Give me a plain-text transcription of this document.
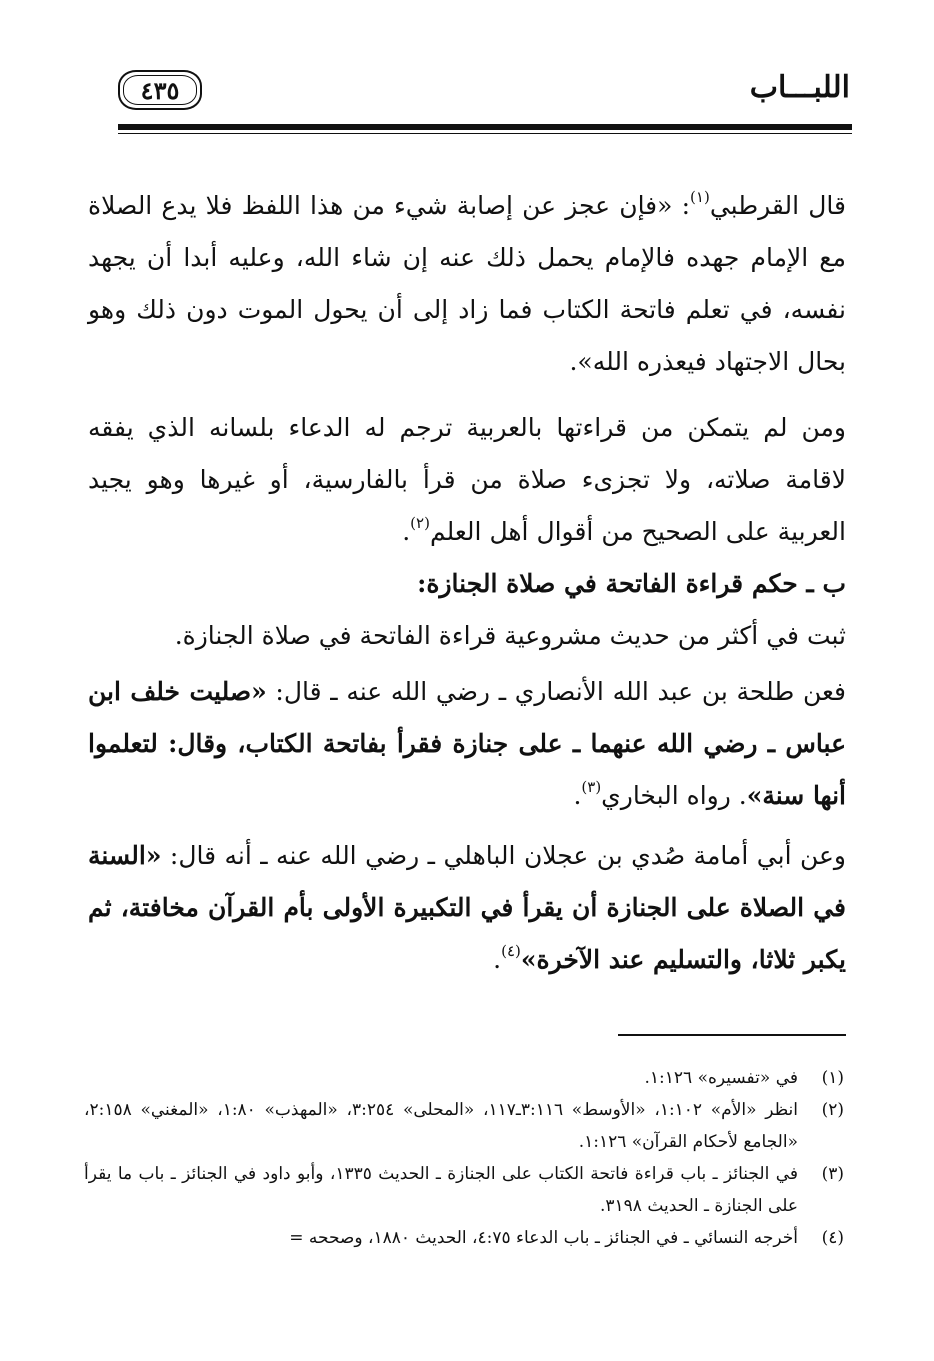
اللبـــاب
٤٣٥

قال القرطبي$^{(١)}$: «فإن عجز عن إصابة شيء من هذا اللفظ فلا يدع الصلاة مع الإمام جهده فالإمام يحمل ذلك عنه إن شاء الله، وعليه أبدا أن يجهد نفسه، في تعلم فاتحة الكتاب فما زاد إلى أن يحول الموت دون ذلك وهو بحال الاجتهاد فيعذره الله».

ومن لم يتمكن من قراءتها بالعربية ترجم له الدعاء بلسانه الذي يفقه لاقامة صلاته، ولا تجزىء صلاة من قرأ بالفارسية، أو غيرها وهو يجيد العربية على الصحيح من أقوال أهل العلم$^{(٢)}$.

ب ـ حكم قراءة الفاتحة في صلاة الجنازة:
ثبت في أكثر من حديث مشروعية قراءة الفاتحة في صلاة الجنازة.

فعن طلحة بن عبد الله الأنصاري ـ رضي الله عنه ـ قال: «صليت خلف ابن عباس ـ رضي الله عنهما ـ على جنازة فقرأ بفاتحة الكتاب، وقال: لتعلموا أنها سنة». رواه البخاري$^{(٣)}$.

وعن أبي أمامة صُدي بن عجلان الباهلي ـ رضي الله عنه ـ أنه قال: «السنة في الصلاة على الجنازة أن يقرأ في التكبيرة الأولى بأم القرآن مخافتة، ثم يكبر ثلاثا، والتسليم عند الآخرة»$^{(٤)}$.

(١)
في «تفسيره» ١:١٢٦.
(٢)
انظر «الأم» ١:١٠٢، «الأوسط» ٣:١١٦ـ١١٧، «المحلى» ٣:٢٥٤، «المهذب» ١:٨٠، «المغني» ٢:١٥٨، «الجامع لأحكام القرآن» ١:١٢٦.
(٣)
في الجنائز ـ باب قراءة فاتحة الكتاب على الجنازة ـ الحديث ١٣٣٥، وأبو داود في الجنائز ـ باب ما يقرأ على الجنازة ـ الحديث ٣١٩٨.
(٤)
أخرجه النسائي ـ في الجنائز ـ باب الدعاء ٤:٧٥، الحديث ١٨٨٠، وصححه =
